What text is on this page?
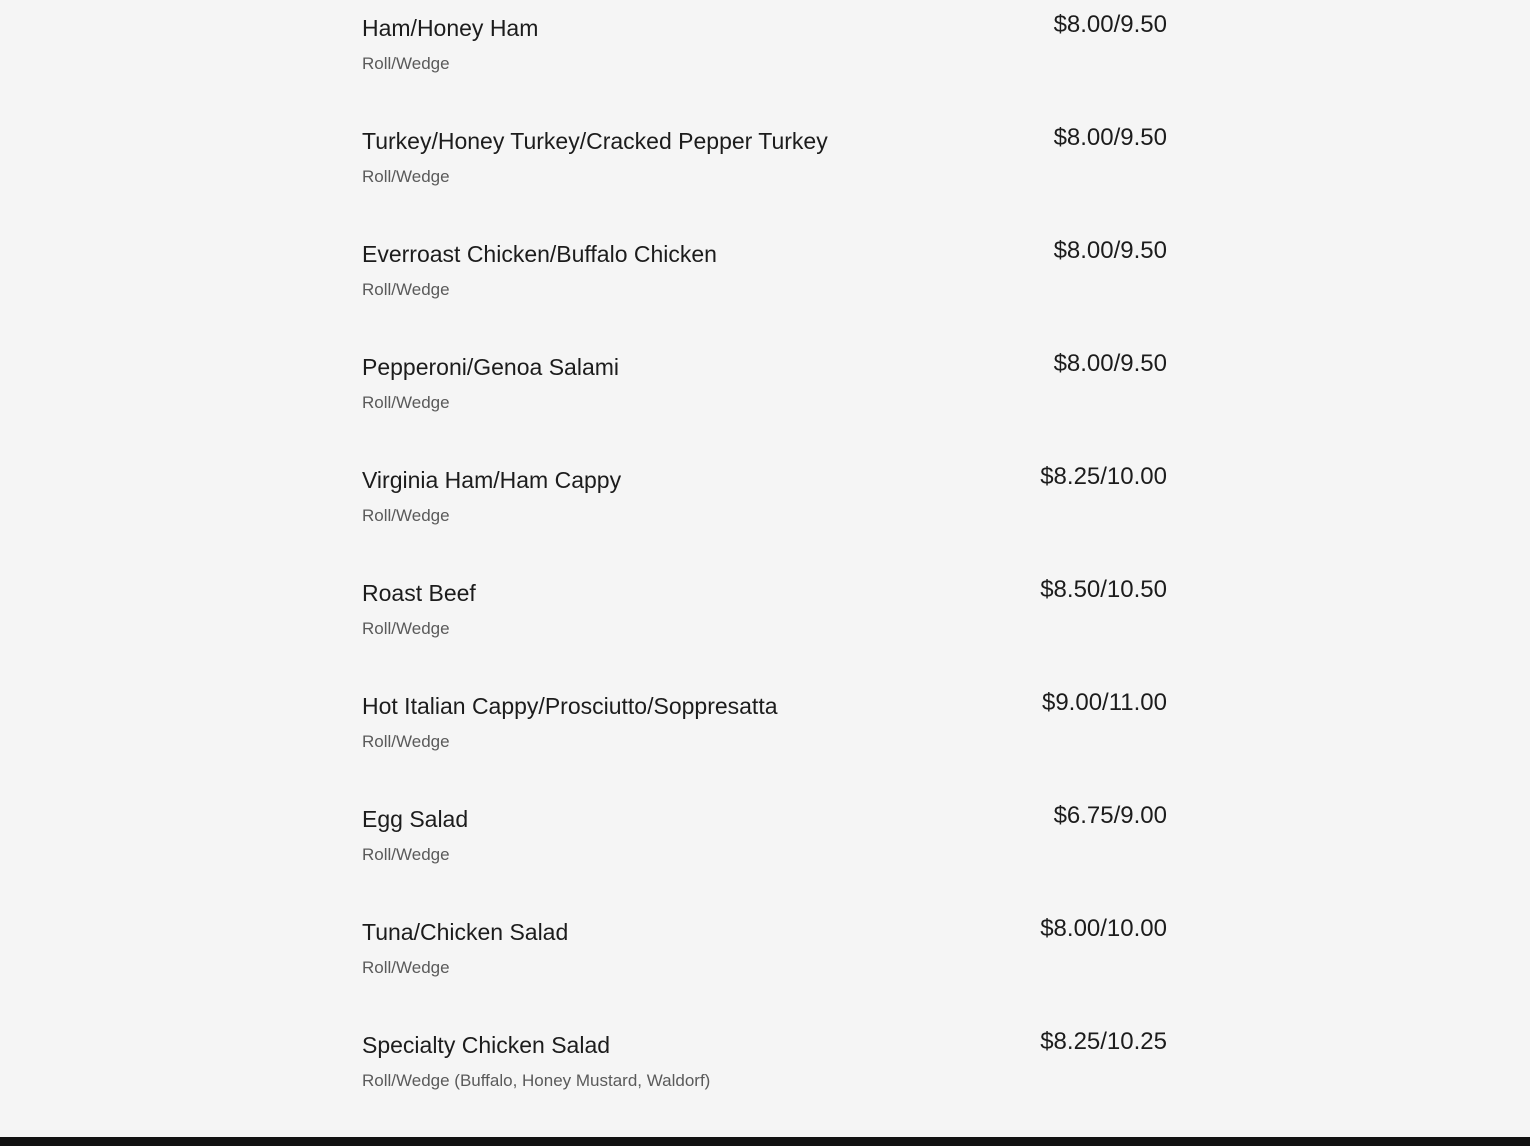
Ham/Honey Ham
Roll/Wedge
$8.00/9.50
Turkey/Honey Turkey/Cracked Pepper Turkey
Roll/Wedge
$8.00/9.50
Everroast Chicken/Buffalo Chicken
Roll/Wedge
$8.00/9.50
Pepperoni/Genoa Salami
Roll/Wedge
$8.00/9.50
Virginia Ham/Ham Cappy
Roll/Wedge
$8.25/10.00
Roast Beef
Roll/Wedge
$8.50/10.50
Hot Italian Cappy/Prosciutto/Soppresatta
Roll/Wedge
$9.00/11.00
Egg Salad
Roll/Wedge
$6.75/9.00
Tuna/Chicken Salad
Roll/Wedge
$8.00/10.00
Specialty Chicken Salad
Roll/Wedge (Buffalo, Honey Mustard, Waldorf)
$8.25/10.25
